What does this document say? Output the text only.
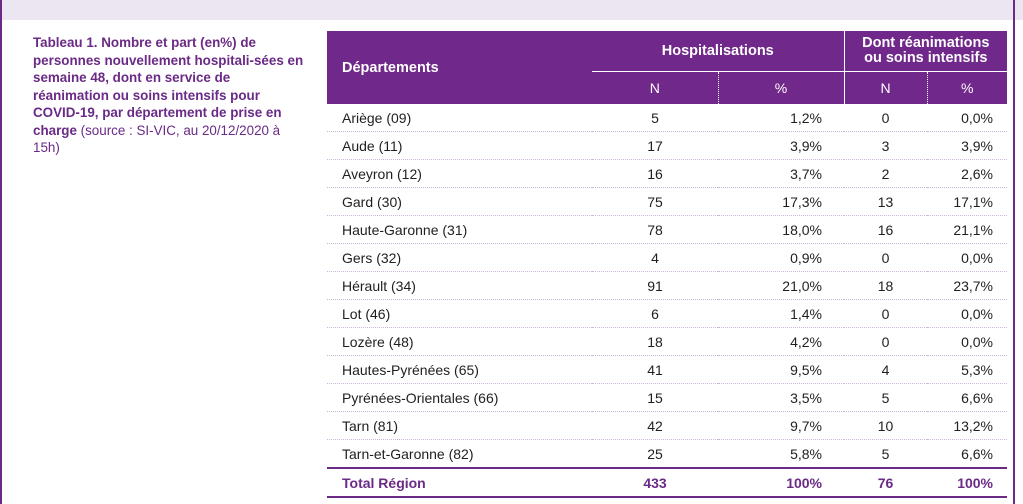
Tableau 1. Nombre et part (en%) de personnes nouvellement hospitali-sées en semaine 48, dont en service de réanimation ou soins intensifs pour COVID-19, par département de prise en charge (source : SI-VIC, au 20/12/2020 à 15h)
Départements	Hospitalisations		Dont réanimations
ou soins intensifs	
	N	%	N	%
Ariège (09)	5	1,2%	0	0,0%
Aude (11)	17	3,9%	3	3,9%
Aveyron (12)	16	3,7%	2	2,6%
Gard (30)	75	17,3%	13	17,1%
Haute-Garonne (31)	78	18,0%	16	21,1%
Gers (32)	4	0,9%	0	0,0%
Hérault (34)	91	21,0%	18	23,7%
Lot (46)	6	1,4%	0	0,0%
Lozère (48)	18	4,2%	0	0,0%
Hautes-Pyrénées (65)	41	9,5%	4	5,3%
Pyrénées-Orientales (66)	15	3,5%	5	6,6%
Tarn (81)	42	9,7%	10	13,2%
Tarn-et-Garonne (82)	25	5,8%	5	6,6%
Total Région	433	100%	76	100%
